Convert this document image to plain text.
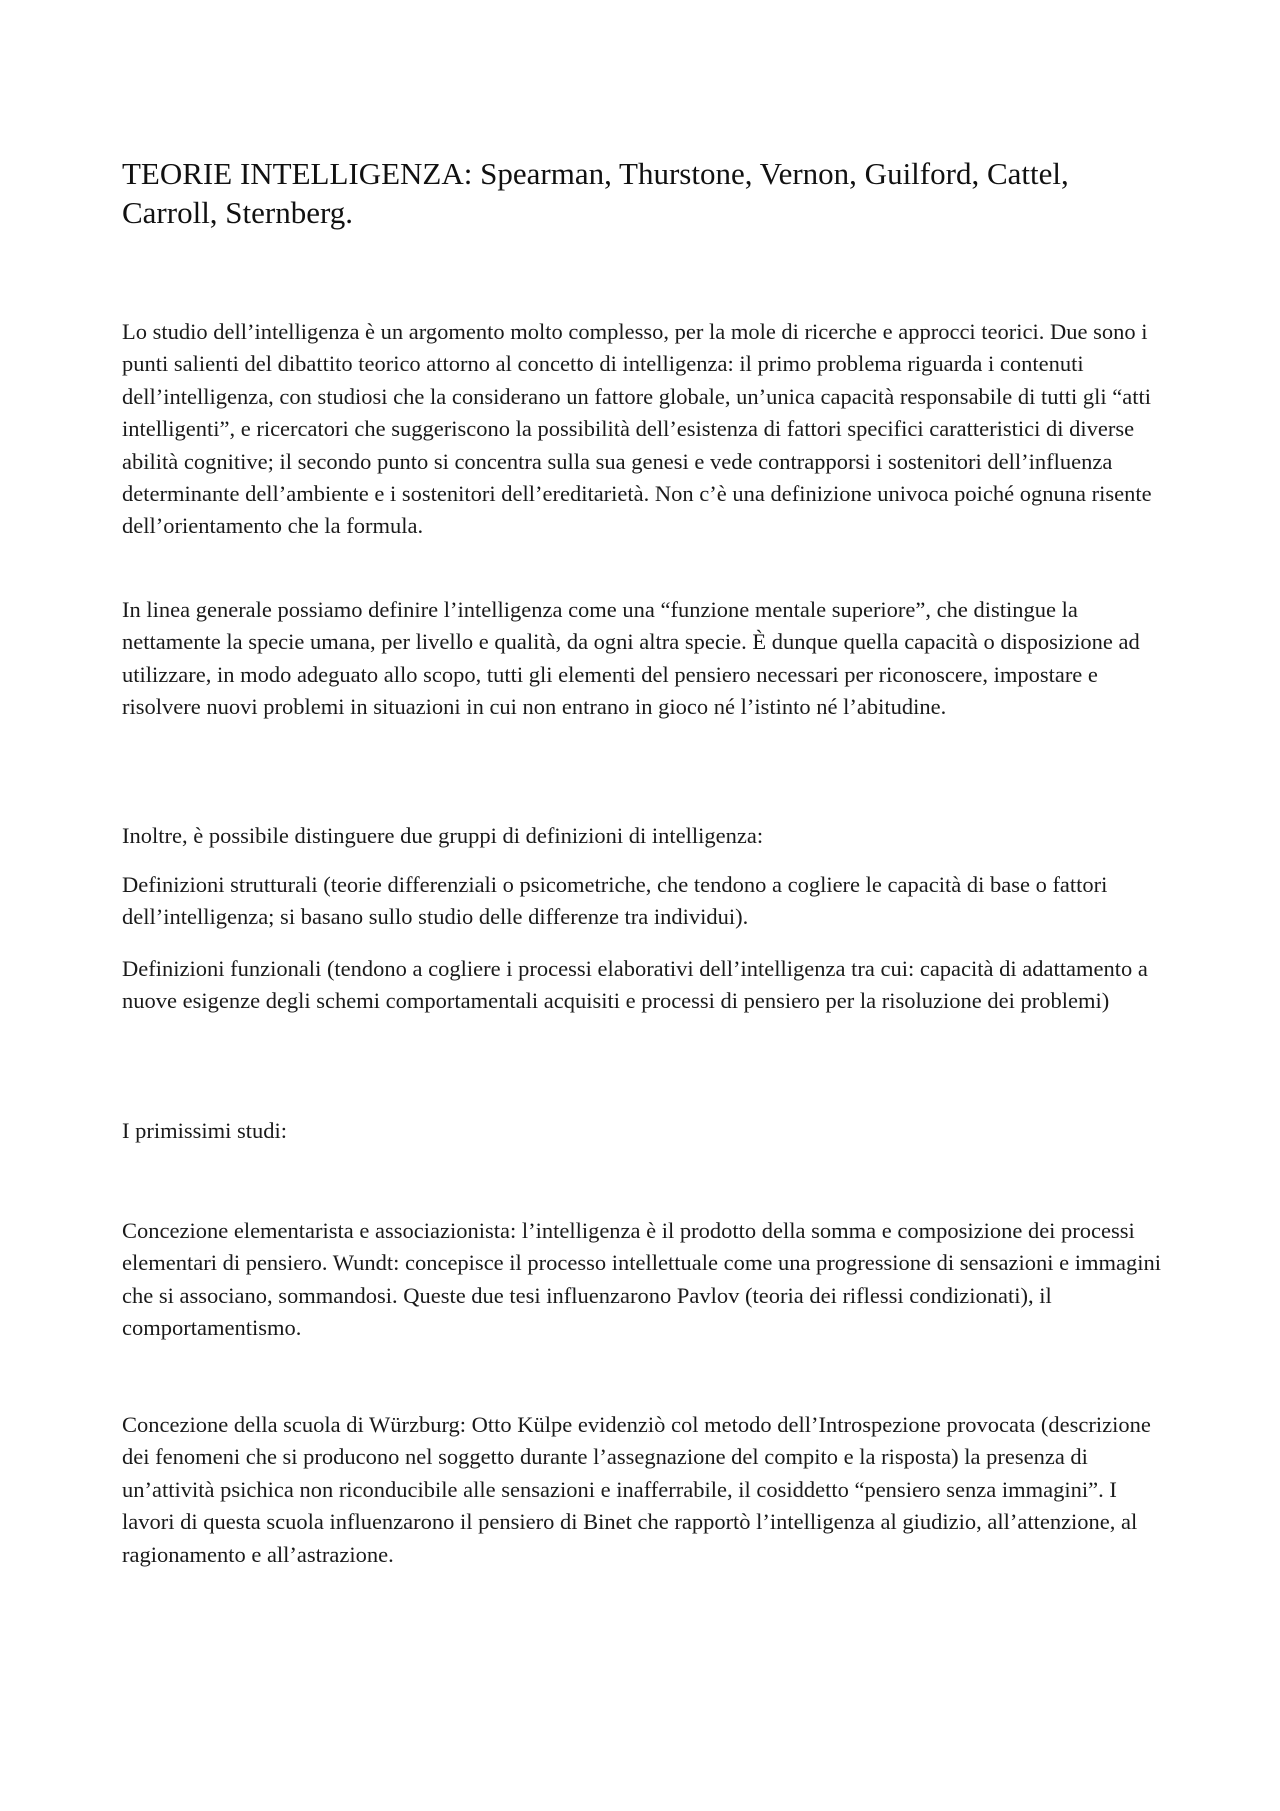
TEORIE INTELLIGENZA: Spearman, Thurstone, Vernon, Guilford, Cattel, Carroll, Sternberg.

Lo studio dell’intelligenza è un argomento molto complesso, per la mole di ricerche e approcci teorici. Due sono i punti salienti del dibattito teorico attorno al concetto di intelligenza: il primo problema riguarda i contenuti dell’intelligenza, con studiosi che la considerano un fattore globale, un’unica capacità responsabile di tutti gli “atti intelligenti”, e ricercatori che suggeriscono la possibilità dell’esistenza di fattori specifici caratteristici di diverse abilità cognitive; il secondo punto si concentra sulla sua genesi e vede contrapporsi i sostenitori dell’influenza determinante dell’ambiente e i sostenitori dell’ereditarietà. Non c’è una definizione univoca poiché ognuna risente dell’orientamento che la formula.

In linea generale possiamo definire l’intelligenza come una “funzione mentale superiore”, che distingue la nettamente la specie umana, per livello e qualità, da ogni altra specie. È dunque quella capacità o disposizione ad utilizzare, in modo adeguato allo scopo, tutti gli elementi del pensiero necessari per riconoscere, impostare e risolvere nuovi problemi in situazioni in cui non entrano in gioco né l’istinto né l’abitudine.

Inoltre, è possibile distinguere due gruppi di definizioni di intelligenza:

Definizioni strutturali (teorie differenziali o psicometriche, che tendono a cogliere le capacità di base o fattori dell’intelligenza; si basano sullo studio delle differenze tra individui).

Definizioni funzionali (tendono a cogliere i processi elaborativi dell’intelligenza tra cui: capacità di adattamento a nuove esigenze degli schemi comportamentali acquisiti e processi di pensiero per la risoluzione dei problemi)

I primissimi studi:

Concezione elementarista e associazionista: l’intelligenza è il prodotto della somma e composizione dei processi elementari di pensiero. Wundt: concepisce il processo intellettuale come una progressione di sensazioni e immagini che si associano, sommandosi. Queste due tesi influenzarono Pavlov (teoria dei riflessi condizionati), il comportamentismo.

Concezione della scuola di Würzburg: Otto Külpe evidenziò col metodo dell’Introspezione provocata (descrizione dei fenomeni che si producono nel soggetto durante l’assegnazione del compito e la risposta) la presenza di un’attività psichica non riconducibile alle sensazioni e inafferrabile, il cosiddetto “pensiero senza immagini”. I lavori di questa scuola influenzarono il pensiero di Binet che rapportò l’intelligenza al giudizio, all’attenzione, al ragionamento e all’astrazione.
